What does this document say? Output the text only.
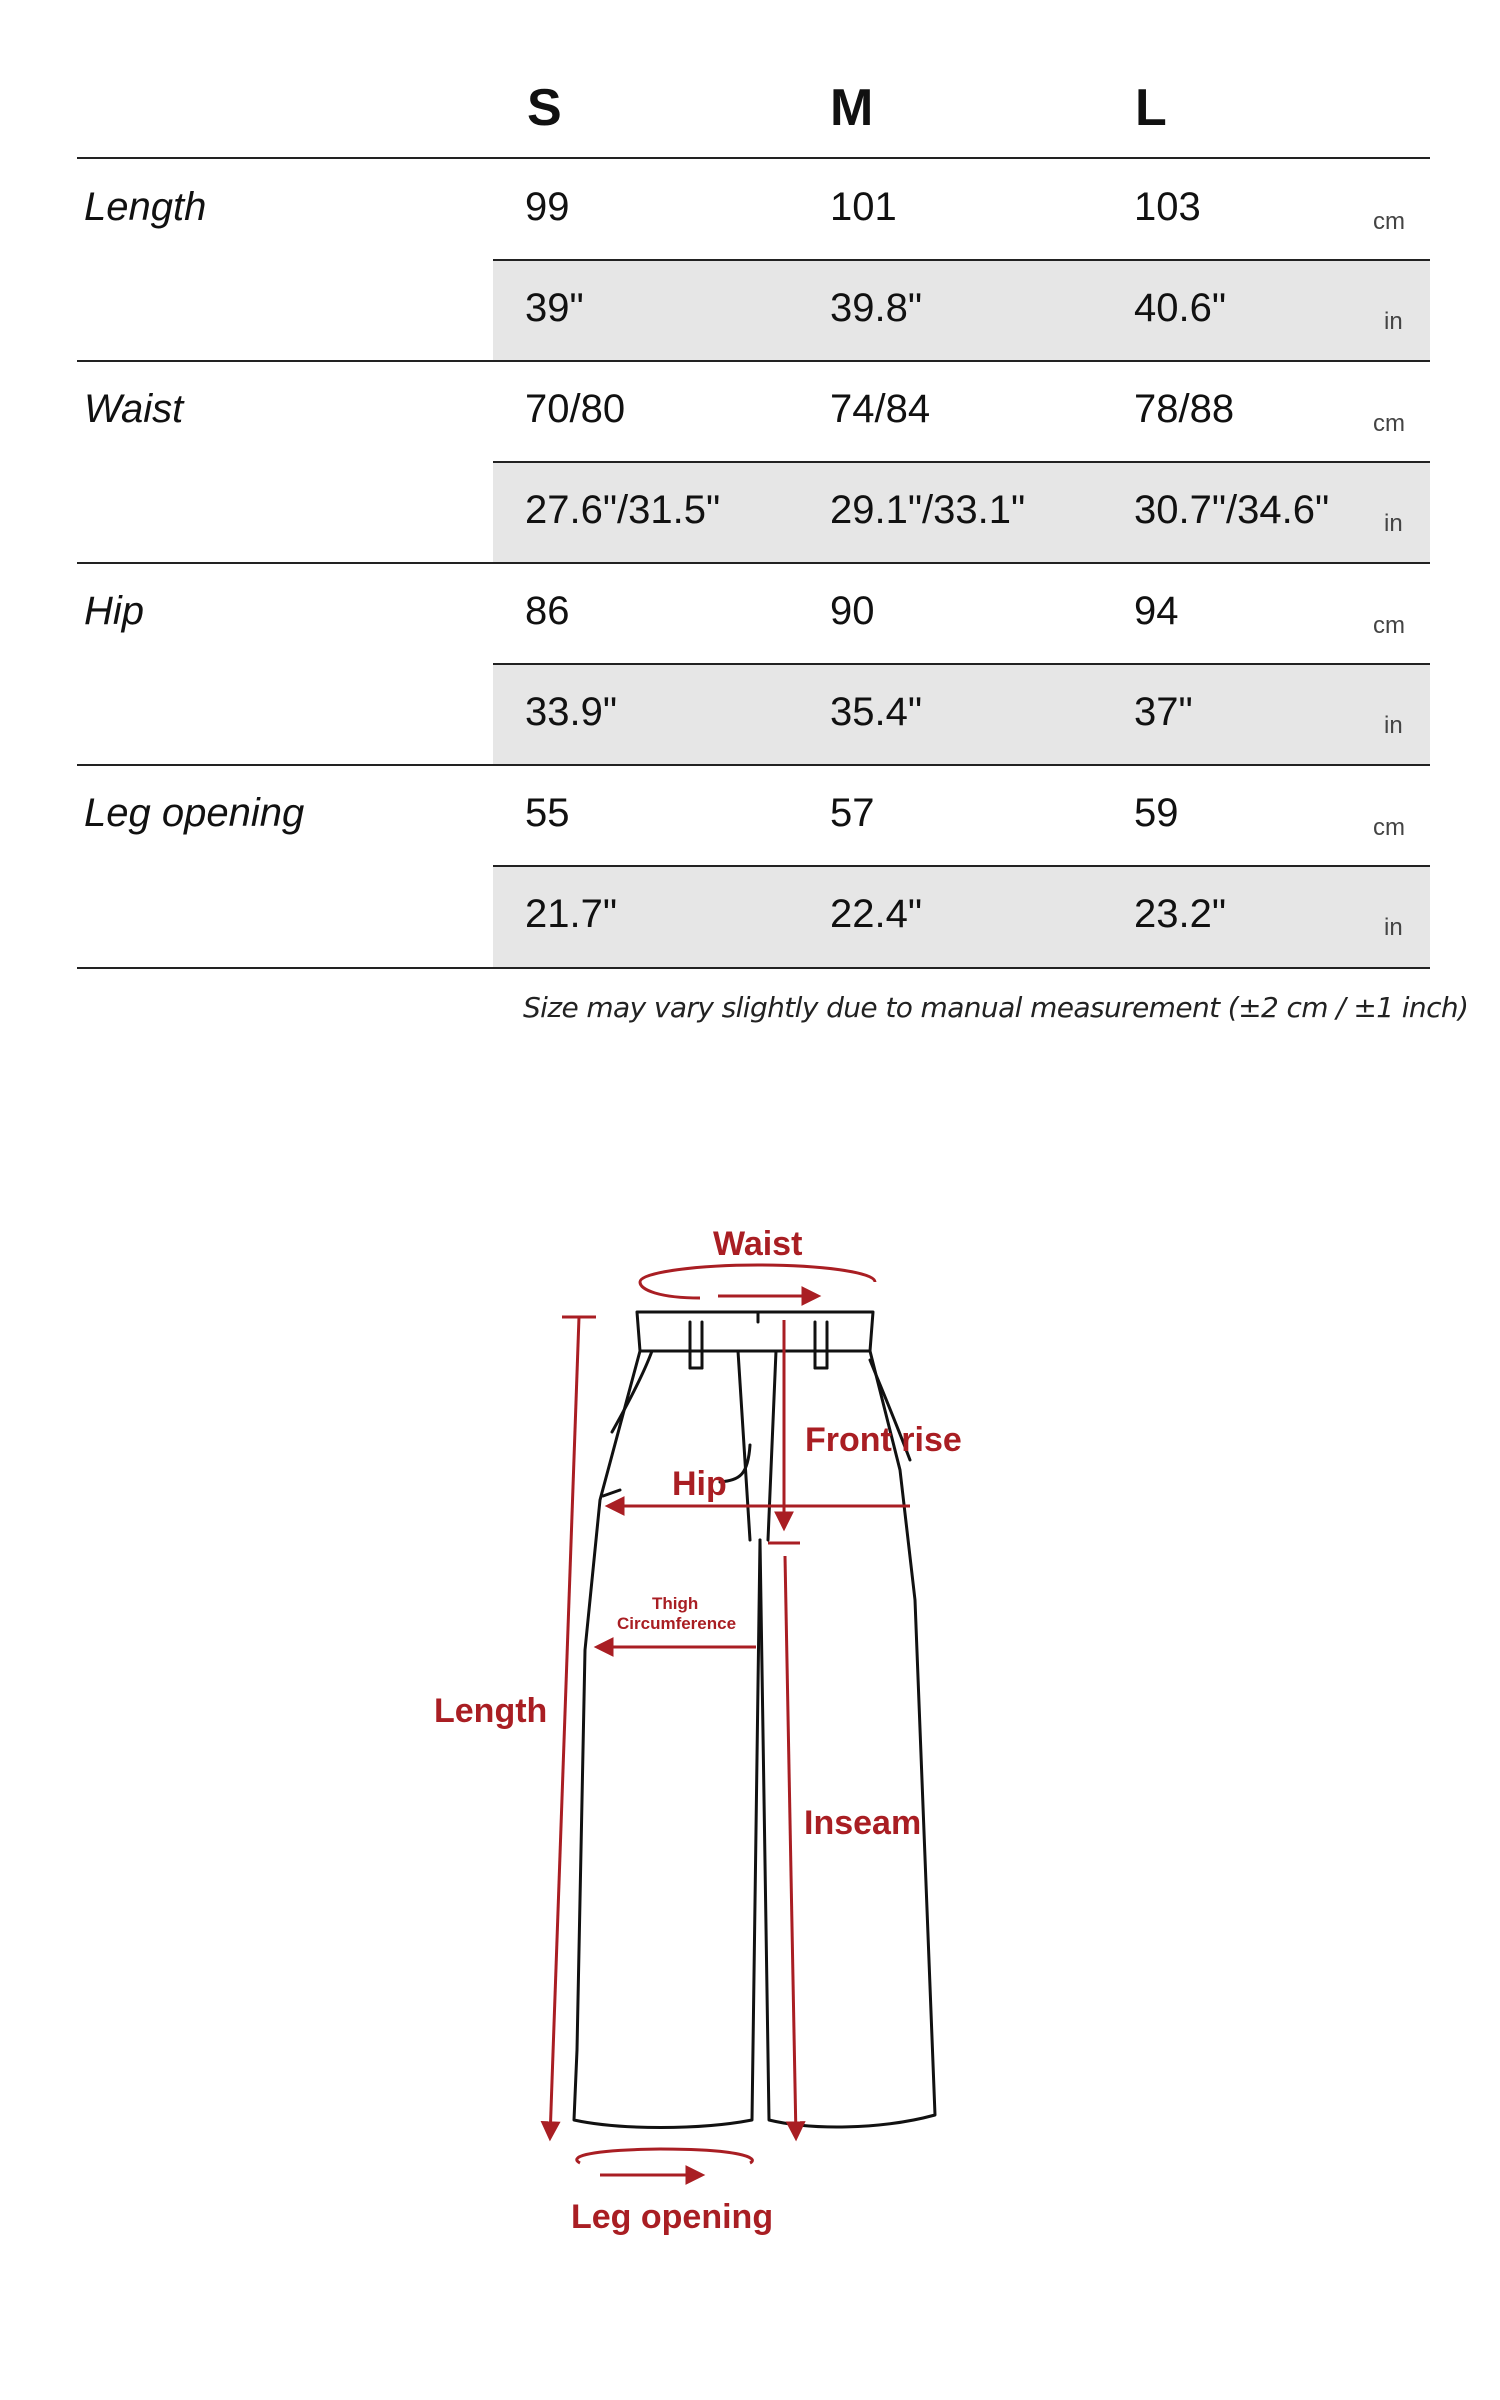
S	M	L
Length	99	101	103	cm
39"	39.8"	40.6"	in
Waist	70/80	74/84	78/88	cm
27.6"/31.5"	29.1"/33.1"	30.7"/34.6" in
Hip	86	90	94	cm
33.9"	35.4"	37"	in
Leg opening	55	57	59	cm
21.7"	22.4"	23.2"	in
Size may vary slightly due to manual measurement (±2 cm / ±1 inch)
Waist
Front rise
Hip
Thigh
Circumference
Length
Inseam
Leg opening
